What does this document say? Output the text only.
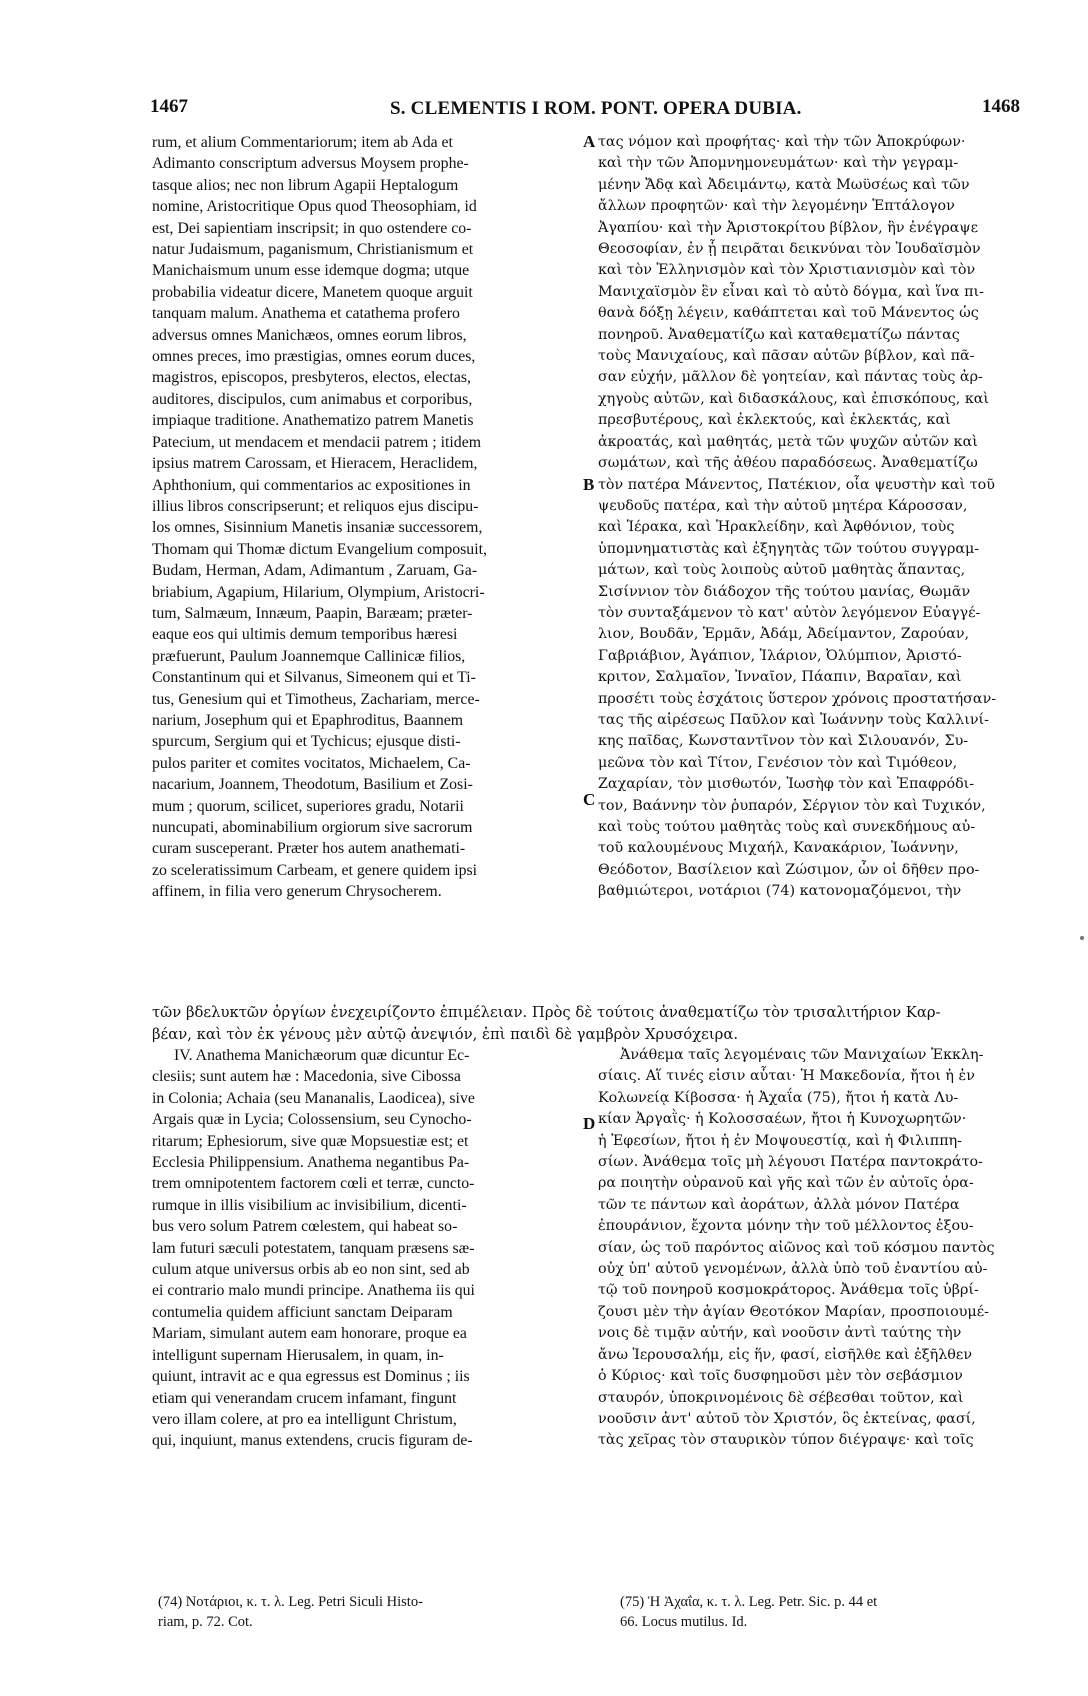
1467	S. CLEMENTIS I ROM. PONT. OPERA DUBIA.	1468
A
B
C
D

rum, et alium Commentariorum; item ab Ada et

Adimanto conscriptum adversus Moysem prophe-

tasque alios; nec non librum Agapii Heptalogum

nomine, Aristocritique Opus quod Theosophiam, id

est, Dei sapientiam inscripsit; in quo ostendere co-

natur Judaismum, paganismum, Christianismum et

Manichaismum unum esse idemque dogma; utque

probabilia videatur dicere, Manetem quoque arguit

tanquam malum. Anathema et catathema profero

adversus omnes Manichæos, omnes eorum libros,

omnes preces, imo præstigias, omnes eorum duces,

magistros, episcopos, presbyteros, electos, electas,

auditores, discipulos, cum animabus et corporibus,

impiaque traditione. Anathematizo patrem Manetis

Patecium, ut mendacem et mendacii patrem ; itidem

ipsius matrem Carossam, et Hieracem, Heraclidem,

Aphthonium, qui commentarios ac expositiones in

illius libros conscripserunt; et reliquos ejus discipu-

los omnes, Sisinnium Manetis insaniæ successorem,

Thomam qui Thomæ dictum Evangelium composuit,

Budam, Herman, Adam, Adimantum , Zaruam, Ga-

briabium, Agapium, Hilarium, Olympium, Aristocri-

tum, Salmæum, Innæum, Paapin, Baræam; præter-

eaque eos qui ultimis demum temporibus hæresi

præfuerunt, Paulum Joannemque Callinicæ filios,

Constantinum qui et Silvanus, Simeonem qui et Ti-

tus, Genesium qui et Timotheus, Zachariam, merce-

narium, Josephum qui et Epaphroditus, Baannem

spurcum, Sergium qui et Tychicus; ejusque disti-

pulos pariter et comites vocitatos, Michaelem, Ca-

nacarium, Joannem, Theodotum, Basilium et Zosi-

mum ; quorum, scilicet, superiores gradu, Notarii

nuncupati, abominabilium orgiorum sive sacrorum

curam susceperant. Præter hos autem anathemati-

zo sceleratissimum Carbeam, et genere quidem ipsi

affinem, in filia vero generum Chrysocherem.

τας νόμον καὶ προφήτας· καὶ τὴν τῶν Ἀποκρύφων·

καὶ τὴν τῶν Ἀπομνημονευμάτων· καὶ τὴν γεγραμ-

μένην Ἄδᾳ καὶ Ἀδειμάντῳ, κατὰ Μωϋσέως καὶ τῶν

ἄλλων προφητῶν· καὶ τὴν λεγομένην Ἑπτάλογον

Ἀγαπίου· καὶ τὴν Ἀριστοκρίτου βίβλον, ἣν ἐνέγραψε

Θεοσοφίαν, ἐν ᾗ πειρᾶται δεικνύναι τὸν Ἰουδαϊσμὸν

καὶ τὸν Ἑλληνισμὸν καὶ τὸν Χριστιανισμὸν καὶ τὸν

Μανιχαϊσμὸν ἓν εἶναι καὶ τὸ αὐτὸ δόγμα, καὶ ἵνα πι-

θανὰ δόξῃ λέγειν, καθάπτεται καὶ τοῦ Μάνεντος ὡς

πονηροῦ. Ἀναθεματίζω καὶ καταθεματίζω πάντας

τοὺς Μανιχαίους, καὶ πᾶσαν αὐτῶν βίβλον, καὶ πᾶ-

σαν εὐχήν, μᾶλλον δὲ γοητείαν, καὶ πάντας τοὺς ἀρ-

χηγοὺς αὐτῶν, καὶ διδασκάλους, καὶ ἐπισκόπους, καὶ

πρεσβυτέρους, καὶ ἐκλεκτούς, καὶ ἐκλεκτάς, καὶ

ἀκροατάς, καὶ μαθητάς, μετὰ τῶν ψυχῶν αὐτῶν καὶ

σωμάτων, καὶ τῆς ἀθέου παραδόσεως. Ἀναθεματίζω

τὸν πατέρα Μάνεντος, Πατέκιον, οἷα ψευστὴν καὶ τοῦ

ψευδοῦς πατέρα, καὶ τὴν αὐτοῦ μητέρα Κάροσσαν,

καὶ Ἱέρακα, καὶ Ἡρακλείδην, καὶ Ἀφθόνιον, τοὺς

ὑπομνηματιστὰς καὶ ἐξηγητὰς τῶν τούτου συγγραμ-

μάτων, καὶ τοὺς λοιποὺς αὐτοῦ μαθητὰς ἅπαντας,

Σισίννιον τὸν διάδοχον τῆς τούτου μανίας, Θωμᾶν

τὸν συνταξάμενον τὸ κατ' αὐτὸν λεγόμενον Εὐαγγέ-

λιον, Βουδᾶν, Ἑρμᾶν, Ἀδάμ, Ἀδείμαντον, Ζαρούαν,

Γαβριάβιον, Ἀγάπιον, Ἱλάριον, Ὀλύμπιον, Ἀριστό-

κριτον, Σαλμαῖον, Ἰνναῖον, Πάαπιν, Βαραῖαν, καὶ

προσέτι τοὺς ἐσχάτοις ὕστερον χρόνοις προστατήσαν-

τας τῆς αἱρέσεως Παῦλον καὶ Ἰωάννην τοὺς Καλλινί-

κης παῖδας, Κωνσταντῖνον τὸν καὶ Σιλουανόν, Συ-

μεῶνα τὸν καὶ Τίτον, Γενέσιον τὸν καὶ Τιμόθεον,

Ζαχαρίαν, τὸν μισθωτόν, Ἰωσὴφ τὸν καὶ Ἐπαφρόδι-

τον, Βαάννην τὸν ῥυπαρόν, Σέργιον τὸν καὶ Τυχικόν,

καὶ τοὺς τούτου μαθητὰς τοὺς καὶ συνεκδήμους αὐ-

τοῦ καλουμένους Μιχαήλ, Κανακάριον, Ἰωάννην,

Θεόδοτον, Βασίλειον καὶ Ζώσιμον, ὧν οἱ δῆθεν προ-

βαθμιώτεροι, νοτάριοι (74) κατονομαζόμενοι, τὴν

τῶν βδελυκτῶν ὀργίων ἐνεχειρίζοντο ἐπιμέλειαν. Πρὸς δὲ τούτοις ἀναθεματίζω τὸν τρισαλιτήριον Καρ-
βέαν, καὶ τὸν ἐκ γένους μὲν αὐτῷ ἀνεψιόν, ἐπὶ παιδὶ δὲ γαμβρὸν Χρυσόχειρα.

IV. Anathema Manichæorum quæ dicuntur Ec-

clesiis; sunt autem hæ : Macedonia, sive Cibossa

in Colonia; Achaia (seu Mananalis, Laodicea), sive

Argais quæ in Lycia; Colossensium, seu Cynocho-

ritarum; Ephesiorum, sive quæ Mopsuestiæ est; et

Ecclesia Philippensium. Anathema negantibus Pa-

trem omnipotentem factorem cœli et terræ, cuncto-

rumque in illis visibilium ac invisibilium, dicenti-

bus vero solum Patrem cœlestem, qui habeat so-

lam futuri sæculi potestatem, tanquam præsens sæ-

culum atque universus orbis ab eo non sint, sed ab

ei contrario malo mundi principe. Anathema iis qui

contumelia quidem afficiunt sanctam Deiparam

Mariam, simulant autem eam honorare, proque ea

intelligunt supernam Hierusalem, in quam, in-

quiunt, intravit ac e qua egressus est Dominus ; iis

etiam qui venerandam crucem infamant, fingunt

vero illam colere, at pro ea intelligunt Christum,

qui, inquiunt, manus extendens, crucis figuram de-

Ἀνάθεμα ταῖς λεγομέναις τῶν Μανιχαίων Ἐκκλη-

σίαις. Αἵ τινές εἰσιν αὗται· Ἡ Μακεδονία, ἤτοι ἡ ἐν

Κολωνείᾳ Κίβοσσα· ἡ Ἀχαΐα (75), ἤτοι ἡ κατὰ Λυ-

κίαν Ἀργαῒς· ἡ Κολοσσαέων, ἤτοι ἡ Κυνοχωρητῶν·

ἡ Ἐφεσίων, ἤτοι ἡ ἐν Μοψουεστίᾳ, καὶ ἡ Φιλιππη-

σίων. Ἀνάθεμα τοῖς μὴ λέγουσι Πατέρα παντοκράτο-

ρα ποιητὴν οὐρανοῦ καὶ γῆς καὶ τῶν ἐν αὐτοῖς ὁρα-

τῶν τε πάντων καὶ ἀοράτων, ἀλλὰ μόνον Πατέρα

ἐπουράνιον, ἔχοντα μόνην τὴν τοῦ μέλλοντος ἐξου-

σίαν, ὡς τοῦ παρόντος αἰῶνος καὶ τοῦ κόσμου παντὸς

οὐχ ὑπ' αὐτοῦ γενομένων, ἀλλὰ ὑπὸ τοῦ ἐναντίου αὐ-

τῷ τοῦ πονηροῦ κοσμοκράτορος. Ἀνάθεμα τοῖς ὑβρί-

ζουσι μὲν τὴν ἁγίαν Θεοτόκον Μαρίαν, προσποιουμέ-

νοις δὲ τιμᾷν αὐτήν, καὶ νοοῦσιν ἀντὶ ταύτης τὴν

ἄνω Ἱερουσαλήμ, εἰς ἥν, φασί, εἰσῆλθε καὶ ἐξῆλθεν

ὁ Κύριος· καὶ τοῖς δυσφημοῦσι μὲν τὸν σεβάσμιον

σταυρόν, ὑποκρινομένοις δὲ σέβεσθαι τοῦτον, καὶ

νοοῦσιν ἀντ' αὐτοῦ τὸν Χριστόν, ὃς ἐκτείνας, φασί,

τὰς χεῖρας τὸν σταυρικὸν τύπον διέγραψε· καὶ τοῖς

(74) Νοτάριοι, κ. τ. λ. Leg. Petri Siculi Histo-
riam, p. 72. Cot.
(75) Ἡ Ἀχαΐα, κ. τ. λ. Leg. Petr. Sic. p. 44 et
66. Locus mutilus. Id.
